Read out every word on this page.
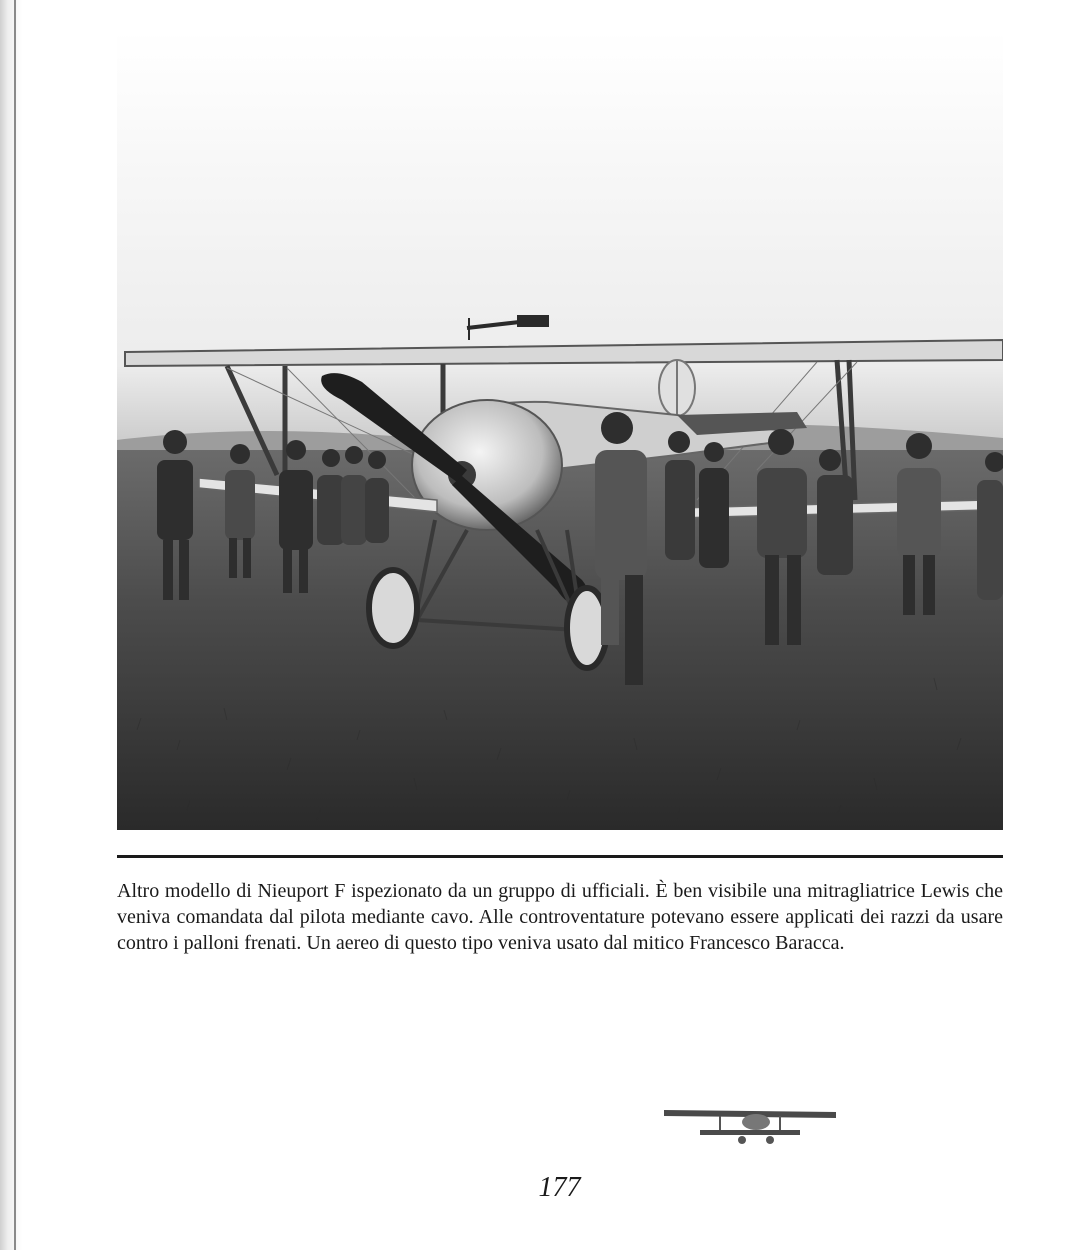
Altro modello di Nieuport F ispezionato da un gruppo di ufficiali. È ben visibile una mitragliatrice Lewis che veniva comandata dal pilota mediante cavo. Alle controventature potevano essere applicati dei razzi da usare contro i palloni frenati. Un aereo di questo tipo veniva usato dal mitico Francesco Baracca.

177
